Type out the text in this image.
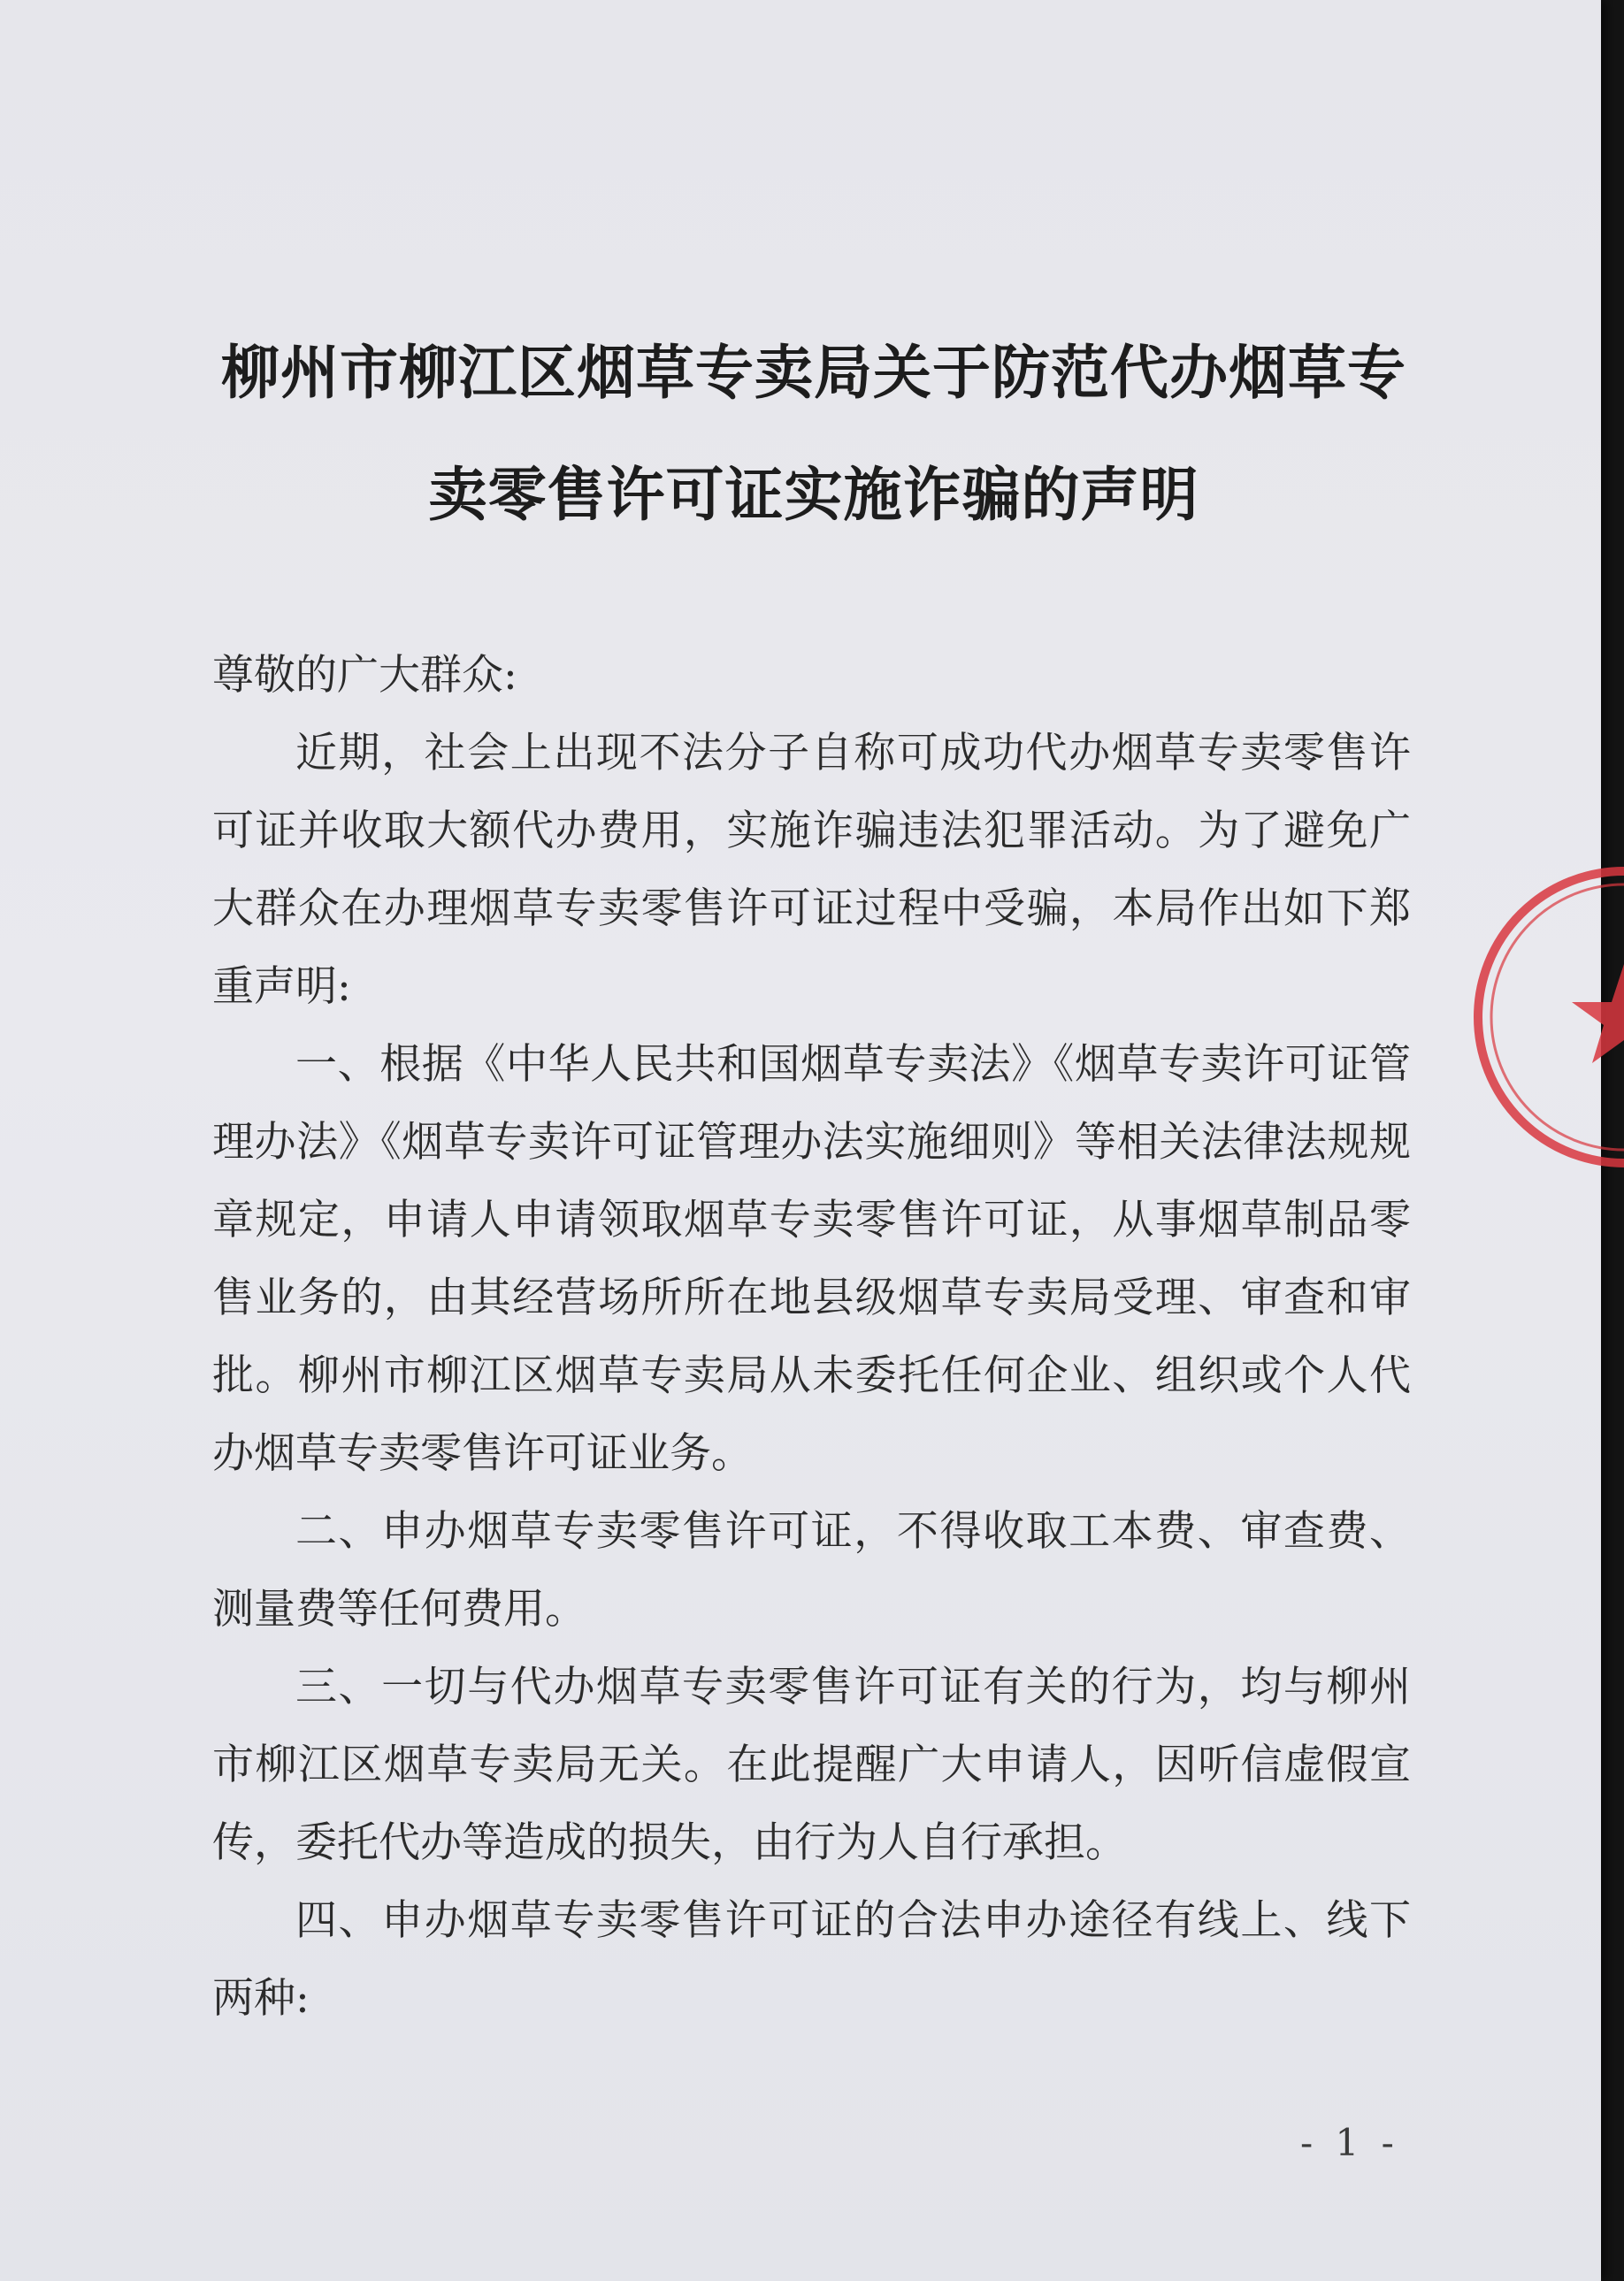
柳州市柳江区烟草专卖局关于防范代办烟草专
卖零售许可证实施诈骗的声明

尊敬的广大群众:

近期，社会上出现不法分子自称可成功代办烟草专卖零售许可证并收取大额代办费用，实施诈骗违法犯罪活动。为了避免广大群众在办理烟草专卖零售许可证过程中受骗，本局作出如下郑重声明:

一、根据《中华人民共和国烟草专卖法》《烟草专卖许可证管理办法》《烟草专卖许可证管理办法实施细则》等相关法律法规规章规定，申请人申请领取烟草专卖零售许可证，从事烟草制品零售业务的，由其经营场所所在地县级烟草专卖局受理、审查和审批。柳州市柳江区烟草专卖局从未委托任何企业、组织或个人代办烟草专卖零售许可证业务。

二、申办烟草专卖零售许可证，不得收取工本费、审查费、测量费等任何费用。

三、一切与代办烟草专卖零售许可证有关的行为，均与柳州市柳江区烟草专卖局无关。在此提醒广大申请人，因听信虚假宣传，委托代办等造成的损失，由行为人自行承担。

四、申办烟草专卖零售许可证的合法申办途径有线上、线下两种:

- 1 -
